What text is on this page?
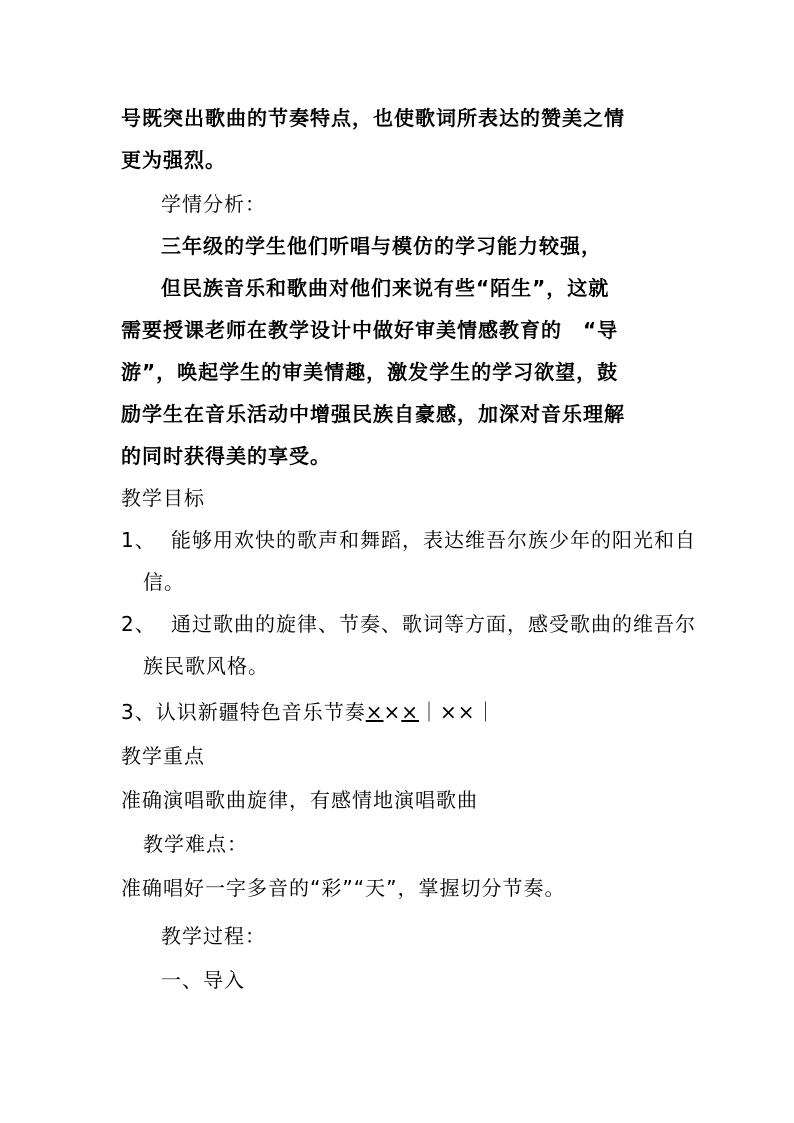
号既突出歌曲的节奏特点，也使歌词所表达的赞美之情
更为强烈。
学情分析：
三年级的学生他们听唱与模仿的学习能力较强，
但民族音乐和歌曲对他们来说有些“陌生”，这就
需要授课老师在教学设计中做好审美情感教育的　“导
游”，唤起学生的审美情趣，激发学生的学习欲望，鼓
励学生在音乐活动中增强民族自豪感，加深对音乐理解
的同时获得美的享受。
教学目标
1、 能够用欢快的歌声和舞蹈，表达维吾尔族少年的阳光和自
信。
2、 通过歌曲的旋律、节奏、歌词等方面，感受歌曲的维吾尔
族民歌风格。
3、认识新疆特色音乐节奏×××｜××｜
教学重点
准确演唱歌曲旋律，有感情地演唱歌曲
教学难点：
准确唱好一字多音的“彩”“天”，掌握切分节奏。
教学过程：
一、导入
